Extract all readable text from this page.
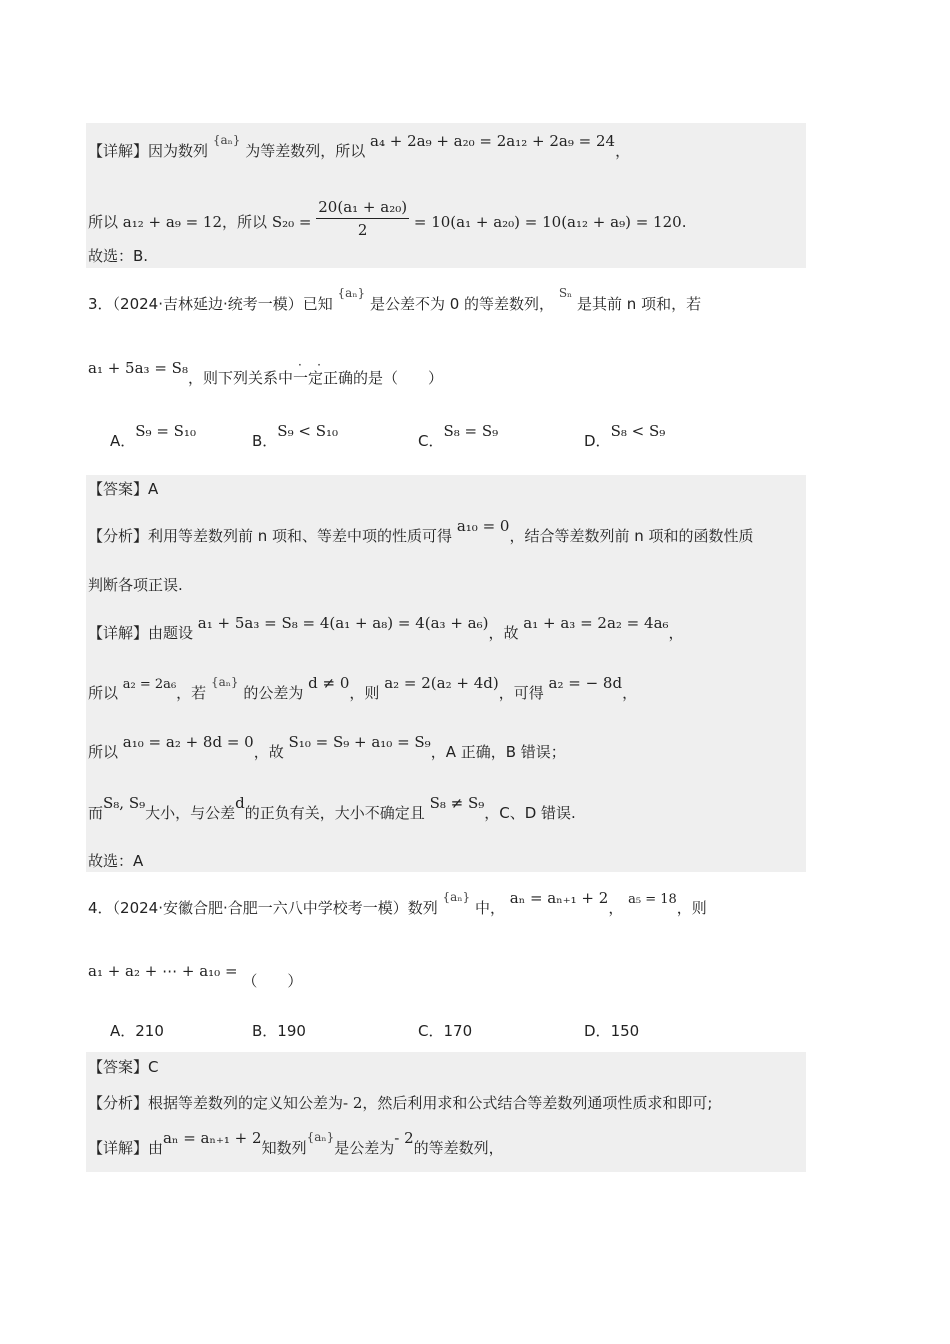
【详解】因为数列 {aₙ} 为等差数列，所以 a₄ + 2a₉ + a₂₀ = 2a₁₂ + 2a₉ = 24，
所以 a₁₂ + a₉ = 12，所以 $S_{20} = \frac{\text{20(a₁ + a₂₀)}}{2} = 10(a_1 + a_{20}) = 10(a_{12} + a_9) = 120$.
故选：B.
3．（2024·吉林延边·统考一模）已知 {aₙ} 是公差不为 0 的等差数列， Sₙ 是其前 n 项和，若
a₁ + 5a₃ = S₈，则下列关系中一定正确的是（　　）
·    ·
A．S₉ = S₁₀
B．S₉ < S₁₀
C．S₈ = S₉
D．S₈ < S₉
【答案】A
【分析】利用等差数列前 n 项和、等差中项的性质可得 a₁₀ = 0，结合等差数列前 n 项和的函数性质
判断各项正误.
【详解】由题设 a₁ + 5a₃ = S₈ = 4(a₁ + a₈) = 4(a₃ + a₆)，故 a₁ + a₃ = 2a₂ = 4a₆，
所以 a₂ = 2a₆，若 {aₙ} 的公差为 d ≠ 0，则 a₂ = 2(a₂ + 4d)，可得 a₂ = − 8d，
所以 a₁₀ = a₂ + 8d = 0，故 S₁₀ = S₉ + a₁₀ = S₉，A 正确，B 错误；
而S₈, S₉大小，与公差d的正负有关，大小不确定且 S₈ ≠ S₉，C、D 错误.
故选：A
4．（2024·安徽合肥·合肥一六八中学校考一模）数列 {aₙ} 中， aₙ = aₙ₊₁ + 2， a₅ = 18，则
a₁ + a₂ + ⋯ + a₁₀ = （　　）
A．210	B．190	C．170	D．150
【答案】C
【分析】根据等差数列的定义知公差为- 2，然后利用求和公式结合等差数列通项性质求和即可;
【详解】由aₙ = aₙ₊₁ + 2知数列{aₙ}是公差为- 2的等差数列，
